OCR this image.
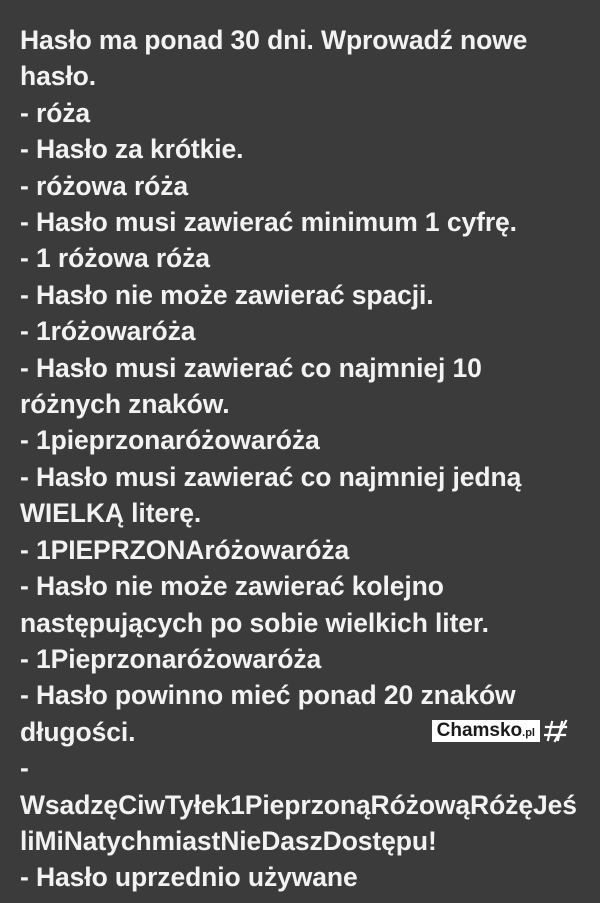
Hasło ma ponad 30 dni. Wprowadź nowe hasło.
- róża
- Hasło za krótkie.
- różowa róża
- Hasło musi zawierać minimum 1 cyfrę.
- 1 różowa róża
- Hasło nie może zawierać spacji.
- 1różowaróża
- Hasło musi zawierać co najmniej 10 różnych znaków.
- 1pieprzonaróżowaróża
- Hasło musi zawierać co najmniej jedną WIELKĄ literę.
- 1PIEPRZONAróżowaróża
- Hasło nie może zawierać kolejno następujących po sobie wielkich liter.
- 1Pieprzonaróżowaróża
- Hasło powinno mieć ponad 20 znaków długości.
- WsadzęCiwTyłek1PieprzonąRóżowąRóżęJeśliMiNatychmiastNieDaszDostępu!
- Hasło uprzednio używane
Chamsko.pl
